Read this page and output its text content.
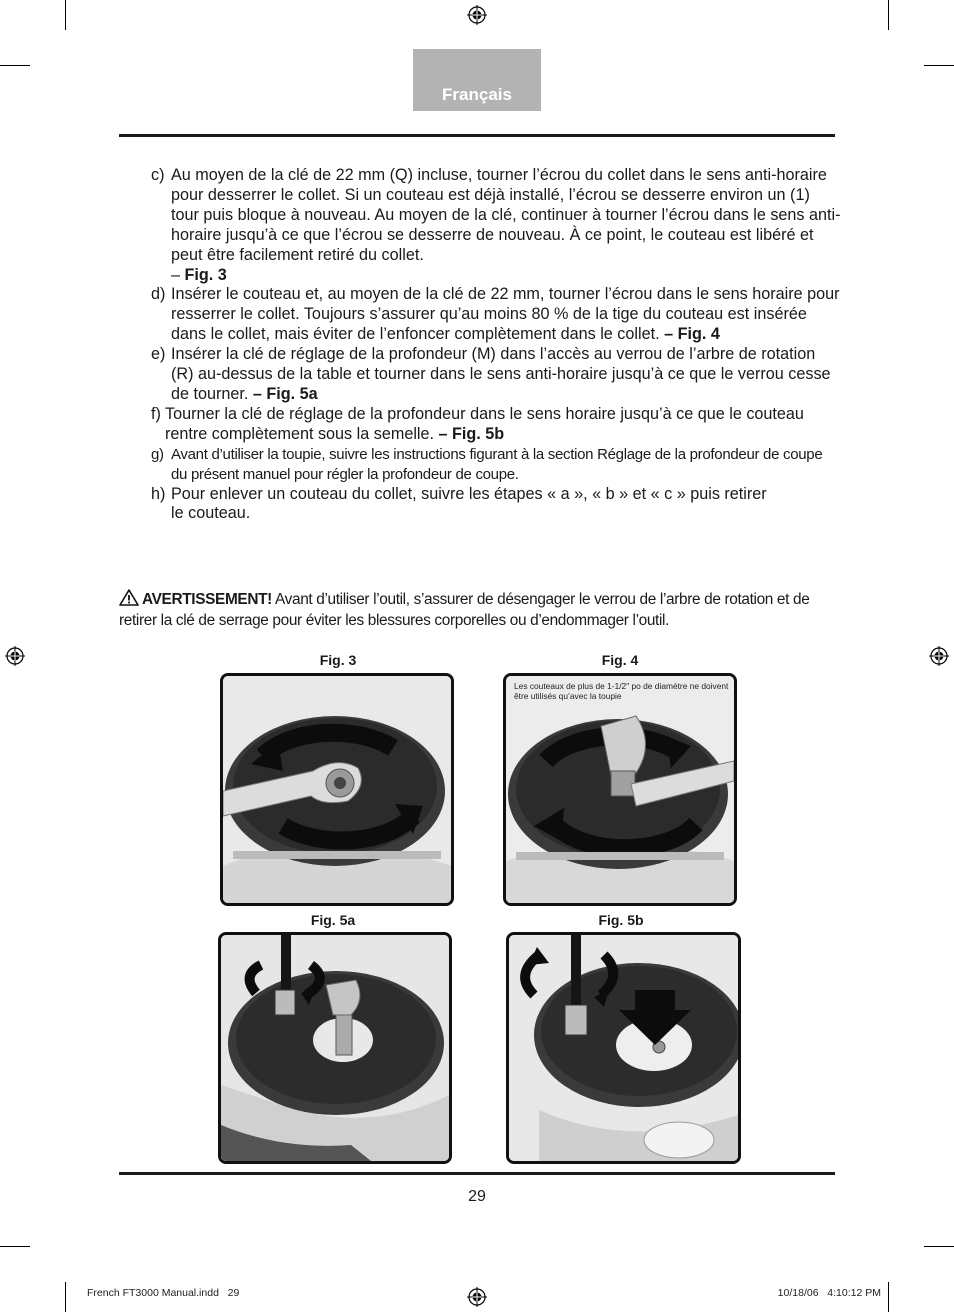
Français
c) Au moyen de la clé de 22 mm (Q) incluse, tourner l’écrou du collet dans le sens anti-horaire pour desserrer le collet. Si un couteau est déjà installé, l’écrou se desserre environ un (1) tour puis bloque à nouveau. Au moyen de la clé, continuer à tourner l’écrou dans le sens anti-horaire jusqu’à ce que l’écrou se desserre de nouveau. À ce point, le couteau est libéré et peut être facilement retiré du collet.
– Fig. 3
d) Insérer le couteau et, au moyen de la clé de 22 mm, tourner l’écrou dans le sens horaire pour resserrer le collet. Toujours s’assurer qu’au moins 80 % de la tige du couteau est insérée dans le collet, mais éviter de l’enfoncer complètement dans le collet. – Fig. 4
e) Insérer la clé de réglage de la profondeur (M) dans l’accès au verrou de l’arbre de rotation (R) au-dessus de la table et tourner dans le sens anti-horaire jusqu’à ce que le verrou cesse de tourner. – Fig. 5a
f) Tourner la clé de réglage de la profondeur dans le sens horaire jusqu’à ce que le couteau rentre complètement sous la semelle. – Fig. 5b
g) Avant d’utiliser la toupie, suivre les instructions figurant à la section Réglage de la profondeur de coupe du présent manuel pour régler la profondeur de coupe.
h) Pour enlever un couteau du collet, suivre les étapes « a », « b » et « c » puis retirer le couteau.
AVERTISSEMENT! Avant d’utiliser l’outil, s’assurer de désengager le verrou de l’arbre de rotation et de retirer la clé de serrage pour éviter les blessures corporelles ou d’endommager l’outil.
Fig. 3	Fig. 4
Fig. 5a	Fig. 5b
Les couteaux de plus de 1-1/2" po de diamètre ne doivent être utilisés qu’avec la toupie
29
French FT3000 Manual.indd   29	10/18/06   4:10:12 PM
